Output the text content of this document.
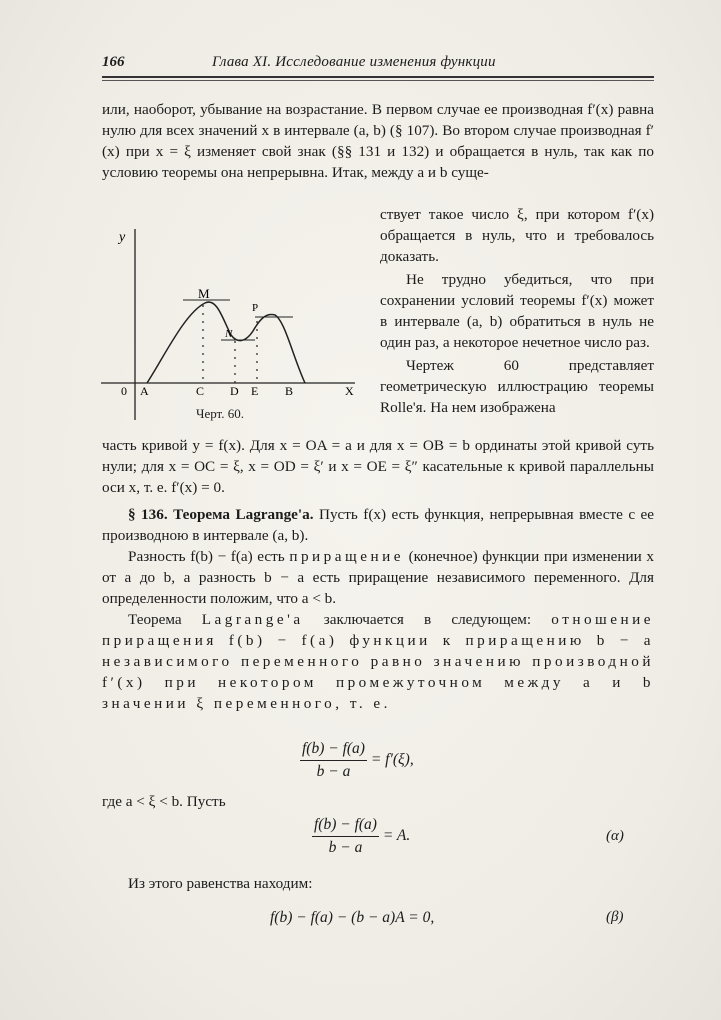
166	Глава XI. Исследование изменения функции

или, наоборот, убывание на возрастание. В первом случае ее производная f′(x) равна нулю для всех значений x в интервале (a, b) (§ 107). Во втором случае производная f′(x) при x = ξ изменяет свой знак (§§ 131 и 132) и обращается в нуль, так как по условию теоремы она непрерывна. Итак, между a и b суще-

ствует такое число ξ, при котором f′(x) обращается в нуль, что и требовалось доказать.

Не трудно убедиться, что при сохранении условий теоремы f′(x) может в интервале (a, b) обратиться в нуль не один раз, а некоторое нечетное число раз.

Чертеж 60 представляет геометрическую иллюстрацию теоремы Rolle'я. На нем изображена

y
0 A	C D E B	X
M
N
P
Черт. 60.

часть кривой y = f(x). Для x = OA = a и для x = OB = b ординаты этой кривой суть нули; для x = OC = ξ, x = OD = ξ′ и x = OE = ξ″ касательные к кривой параллельны оси x, т. е. f′(x) = 0.

§ 136. Теорема Lagrange'a. Пусть f(x) есть функция, непрерывная вместе с ее производною в интервале (a, b).

Разность f(b) − f(a) есть приращение (конечное) функции при изменении x от a до b, а разность b − a есть приращение независимого переменного. Для определенности положим, что a < b.

Теорема Lagrange'a заключается в следующем: отношение приращения f(b) − f(a) функции к приращению b − a независимого переменного равно значению производной f′(x) при некотором промежуточном между a и b значении ξ переменного, т. е.

$\frac{f(b) - f(a)}{b - a} = f'(\xi)$,

где a < ξ < b. Пусть

$\frac{f(b) - f(a)}{b - a} = A$.	(α)

Из этого равенства находим:

f(b) − f(a) − (b − a)A = 0,	(β)
